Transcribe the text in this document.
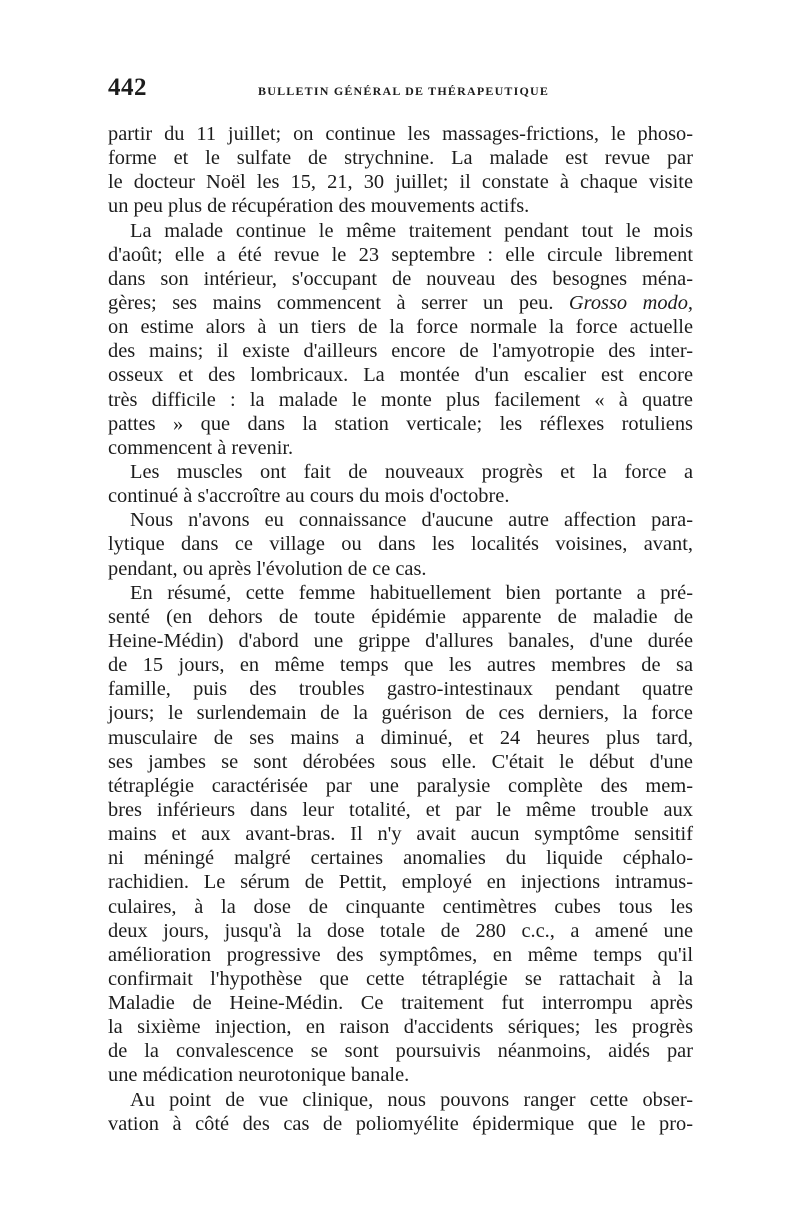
442	BULLETIN GÉNÉRAL DE THÉRAPEUTIQUE
partir du 11 juillet; on continue les massages-frictions, le phoso-
forme et le sulfate de strychnine. La malade est revue par
le docteur Noël les 15, 21, 30 juillet; il constate à chaque visite
un peu plus de récupération des mouvements actifs.
La malade continue le même traitement pendant tout le mois
d'août; elle a été revue le 23 septembre : elle circule librement
dans son intérieur, s'occupant de nouveau des besognes ména-
gères; ses mains commencent à serrer un peu. Grosso modo,
on estime alors à un tiers de la force normale la force actuelle
des mains; il existe d'ailleurs encore de l'amyotropie des inter-
osseux et des lombricaux. La montée d'un escalier est encore
très difficile : la malade le monte plus facilement « à quatre
pattes » que dans la station verticale; les réflexes rotuliens
commencent à revenir.
Les muscles ont fait de nouveaux progrès et la force a
continué à s'accroître au cours du mois d'octobre.
Nous n'avons eu connaissance d'aucune autre affection para-
lytique dans ce village ou dans les localités voisines, avant,
pendant, ou après l'évolution de ce cas.
En résumé, cette femme habituellement bien portante a pré-
senté (en dehors de toute épidémie apparente de maladie de
Heine-Médin) d'abord une grippe d'allures banales, d'une durée
de 15 jours, en même temps que les autres membres de sa
famille, puis des troubles gastro-intestinaux pendant quatre
jours; le surlendemain de la guérison de ces derniers, la force
musculaire de ses mains a diminué, et 24 heures plus tard,
ses jambes se sont dérobées sous elle. C'était le début d'une
tétraplégie caractérisée par une paralysie complète des mem-
bres inférieurs dans leur totalité, et par le même trouble aux
mains et aux avant-bras. Il n'y avait aucun symptôme sensitif
ni méningé malgré certaines anomalies du liquide céphalo-
rachidien. Le sérum de Pettit, employé en injections intramus-
culaires, à la dose de cinquante centimètres cubes tous les
deux jours, jusqu'à la dose totale de 280 c.c., a amené une
amélioration progressive des symptômes, en même temps qu'il
confirmait l'hypothèse que cette tétraplégie se rattachait à la
Maladie de Heine-Médin. Ce traitement fut interrompu après
la sixième injection, en raison d'accidents sériques; les progrès
de la convalescence se sont poursuivis néanmoins, aidés par
une médication neurotonique banale.
Au point de vue clinique, nous pouvons ranger cette obser-
vation à côté des cas de poliomyélite épidermique que le pro-
